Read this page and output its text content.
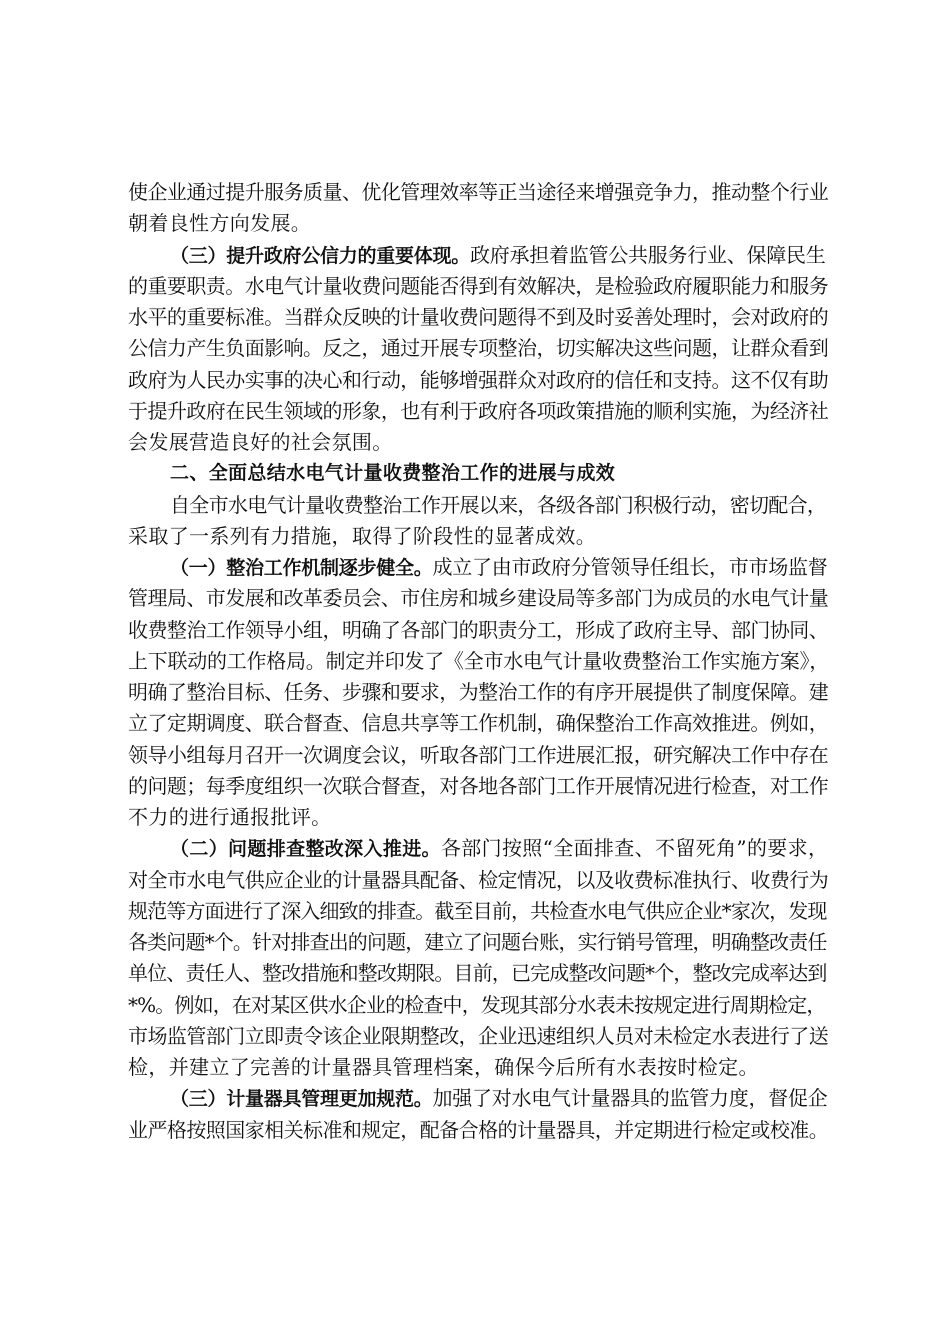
使企业通过提升服务质量、优化管理效率等正当途径来增强竞争力，推动整个行业
朝着良性方向发展。
（三）提升政府公信力的重要体现。政府承担着监管公共服务行业、保障民生
的重要职责。水电气计量收费问题能否得到有效解决，是检验政府履职能力和服务
水平的重要标准。当群众反映的计量收费问题得不到及时妥善处理时，会对政府的
公信力产生负面影响。反之，通过开展专项整治，切实解决这些问题，让群众看到
政府为人民办实事的决心和行动，能够增强群众对政府的信任和支持。这不仅有助
于提升政府在民生领域的形象，也有利于政府各项政策措施的顺利实施，为经济社
会发展营造良好的社会氛围。
二、全面总结水电气计量收费整治工作的进展与成效
自全市水电气计量收费整治工作开展以来，各级各部门积极行动，密切配合，
采取了一系列有力措施，取得了阶段性的显著成效。
（一）整治工作机制逐步健全。成立了由市政府分管领导任组长，市市场监督
管理局、市发展和改革委员会、市住房和城乡建设局等多部门为成员的水电气计量
收费整治工作领导小组，明确了各部门的职责分工，形成了政府主导、部门协同、
上下联动的工作格局。制定并印发了《全市水电气计量收费整治工作实施方案》，
明确了整治目标、任务、步骤和要求，为整治工作的有序开展提供了制度保障。建
立了定期调度、联合督查、信息共享等工作机制，确保整治工作高效推进。例如，
领导小组每月召开一次调度会议，听取各部门工作进展汇报，研究解决工作中存在
的问题；每季度组织一次联合督查，对各地各部门工作开展情况进行检查，对工作
不力的进行通报批评。
（二）问题排查整改深入推进。各部门按照“全面排查、不留死角”的要求，
对全市水电气供应企业的计量器具配备、检定情况，以及收费标准执行、收费行为
规范等方面进行了深入细致的排查。截至目前，共检查水电气供应企业*家次，发现
各类问题*个。针对排查出的问题，建立了问题台账，实行销号管理，明确整改责任
单位、责任人、整改措施和整改期限。目前，已完成整改问题*个，整改完成率达到
*%。例如，在对某区供水企业的检查中，发现其部分水表未按规定进行周期检定，
市场监管部门立即责令该企业限期整改，企业迅速组织人员对未检定水表进行了送
检，并建立了完善的计量器具管理档案，确保今后所有水表按时检定。
（三）计量器具管理更加规范。加强了对水电气计量器具的监管力度，督促企
业严格按照国家相关标准和规定，配备合格的计量器具，并定期进行检定或校准。
